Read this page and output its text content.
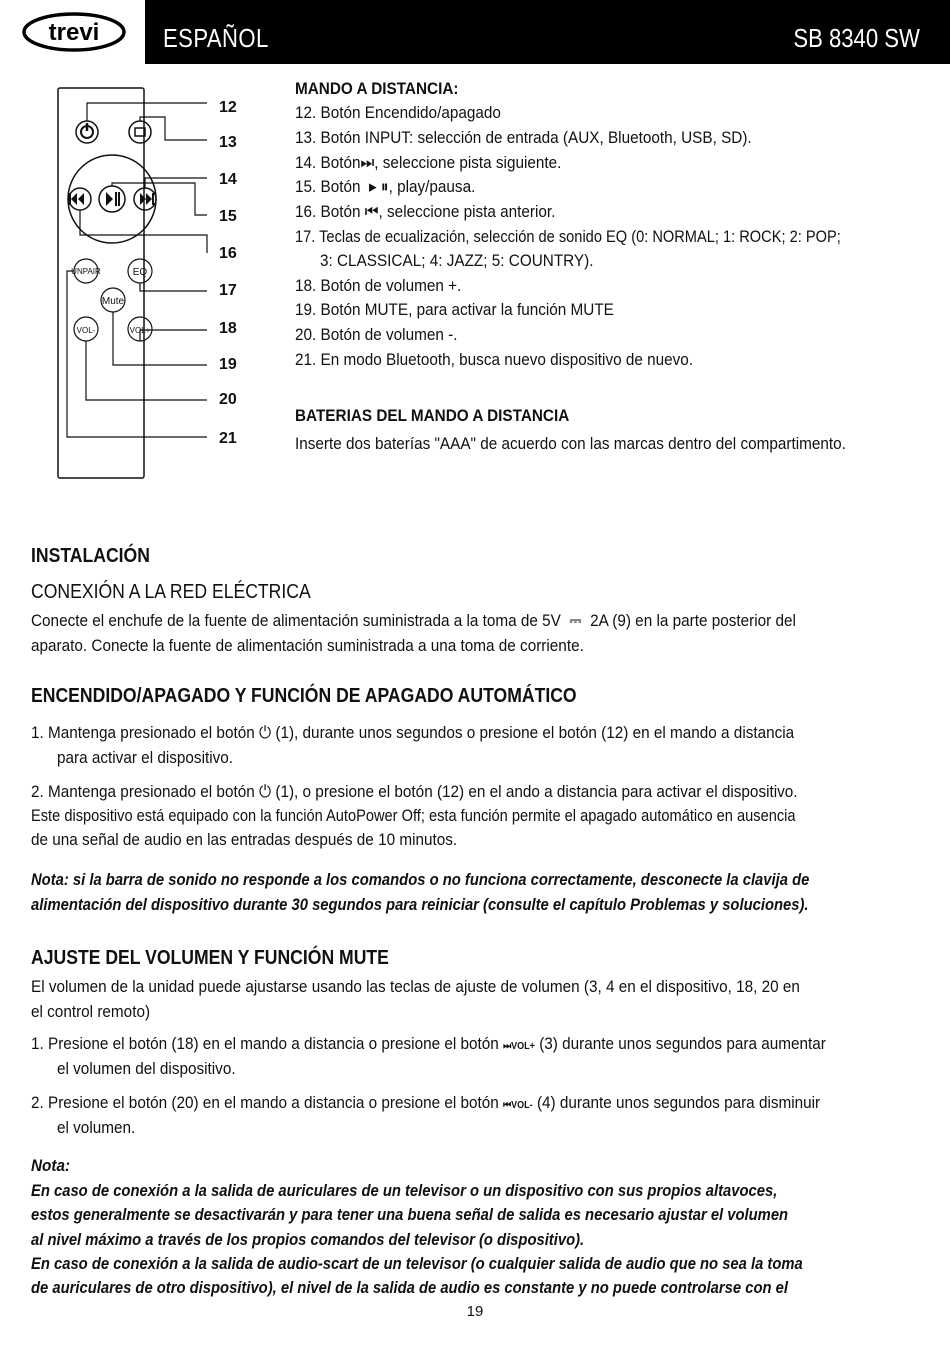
trevi ESPAÑOL	SB 8340 SW
UNPAIR	EQ
Mute
VOL-	VOL+
12
13
14
15
16
17
18
19
20
21
MANDO A DISTANCIA:
12. Botón Encendido/apagado
13. Botón INPUT: selección de entrada (AUX, Bluetooth, USB, SD).
14. Botón⏭, seleccione pista siguiente.
15. Botón  ▸ ⏸, play/pausa.
16. Botón ⏮, seleccione pista anterior.
17. Teclas de ecualización, selección de sonido EQ (0: NORMAL; 1: ROCK; 2: POP;
3: CLASSICAL; 4: JAZZ; 5: COUNTRY).
18. Botón de volumen +.
19. Botón MUTE, para activar la función MUTE
20. Botón de volumen -.
21. En modo Bluetooth, busca nuevo dispositivo de nuevo.
BATERIAS DEL MANDO A DISTANCIA
Inserte dos baterías "AAA" de acuerdo con las marcas dentro del compartimento.
INSTALACIÓN
CONEXIÓN A LA RED ELÉCTRICA
Conecte el enchufe de la fuente de alimentación suministrada a la toma de 5V  ⎓  2A (9) en la parte posterior del
aparato. Conecte la fuente de alimentación suministrada a una toma de corriente.
ENCENDIDO/APAGADO Y FUNCIÓN DE APAGADO AUTOMÁTICO
1. Mantenga presionado el botón ⏻ (1), durante unos segundos o presione el botón (12) en el mando a distancia
para activar el dispositivo.
2. Mantenga presionado el botón ⏻ (1), o presione el botón (12) en el ando a distancia para activar el dispositivo.
Este dispositivo está equipado con la función AutoPower Off; esta función permite el apagado automático en ausencia
de una señal de audio en las entradas después de 10 minutos.
Nota: si la barra de sonido no responde a los comandos o no funciona correctamente, desconecte la clavija de
alimentación del dispositivo durante 30 segundos para reiniciar (consulte el capítulo Problemas y soluciones).
AJUSTE DEL VOLUMEN Y FUNCIÓN MUTE
El volumen de la unidad puede ajustarse usando las teclas de ajuste de volumen (3, 4 en el dispositivo, 18, 20 en
el control remoto)
1. Presione el botón (18) en el mando a distancia o presione el botón ⏭VOL+ (3) durante unos segundos para aumentar
el volumen del dispositivo.
2. Presione el botón (20) en el mando a distancia o presione el botón ⏮VOL- (4) durante unos segundos para disminuir
el volumen.
Nota:
En caso de conexión a la salida de auriculares de un televisor o un dispositivo con sus propios altavoces,
estos generalmente se desactivarán y para tener una buena señal de salida es necesario ajustar el volumen
al nivel máximo a través de los propios comandos del televisor (o dispositivo).
En caso de conexión a la salida de audio-scart de un televisor (o cualquier salida de audio que no sea la toma
de auriculares de otro dispositivo), el nivel de la salida de audio es constante y no puede controlarse con el
19
